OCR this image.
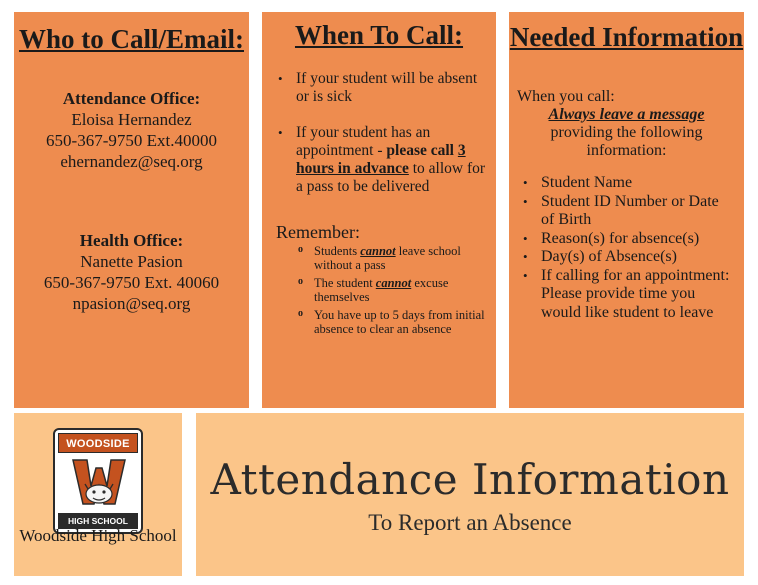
Who to Call/Email:
Attendance Office:
Eloisa Hernandez
650-367-9750 Ext.40000
ehernandez@seq.org
Health Office:
Nanette Pasion
650-367-9750 Ext. 40060
npasion@seq.org
When To Call:
• If your student will be absent or is sick
• If your student has an appointment - please call 3 hours in advance to allow for a pass to be delivered
Remember:
o Students cannot leave school without a pass
o The student cannot excuse themselves
o You have up to 5 days from initial absence to clear an absence
Needed Information
When you call:
Always leave a message
providing the following information:
• Student Name
• Student ID Number or Date of Birth
• Reason(s) for absence(s)
• Day(s) of Absence(s)
• If calling for an appointment: Please provide time you would like student to leave
WOODSIDE
HIGH SCHOOL
Woodside High School
Attendance Information
To Report an Absence
